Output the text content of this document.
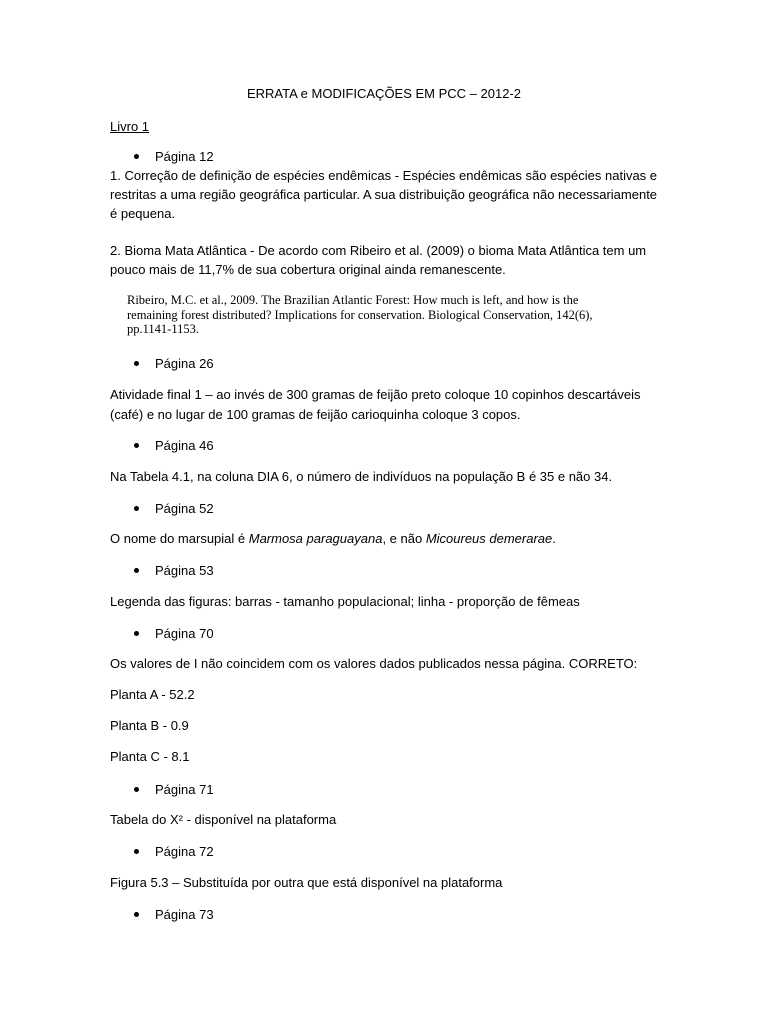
ERRATA e MODIFICAÇÕES EM PCC – 2012-2
Livro 1
Página 12
1. Correção de definição de espécies endêmicas - Espécies endêmicas são espécies nativas e
restritas a uma região geográfica particular. A sua distribuição geográfica não necessariamente
é pequena.
2. Bioma Mata Atlântica - De acordo com Ribeiro et al. (2009) o bioma Mata Atlântica tem um
pouco mais de 11,7% de sua cobertura original ainda remanescente.
Ribeiro, M.C. et al., 2009. The Brazilian Atlantic Forest: How much is left, and how is the
remaining forest distributed? Implications for conservation. Biological Conservation, 142(6),
pp.1141-1153.
Página 26
Atividade final 1 – ao invés de 300 gramas de feijão preto coloque 10 copinhos descartáveis
(café) e no lugar de 100 gramas de feijão carioquinha coloque 3 copos.
Página 46
Na Tabela 4.1, na coluna DIA 6, o número de indivíduos na população B é 35 e não 34.
Página 52
O nome do marsupial é Marmosa paraguayana, e não Micoureus demerarae.
Página 53
Legenda das figuras: barras - tamanho populacional; linha - proporção de fêmeas
Página 70
Os valores de I não coincidem com os valores dados publicados nessa página. CORRETO:
Planta A - 52.2
Planta B - 0.9
Planta C - 8.1
Página 71
Tabela do X² - disponível na plataforma
Página 72
Figura 5.3 – Substituída por outra que está disponível na plataforma
Página 73
